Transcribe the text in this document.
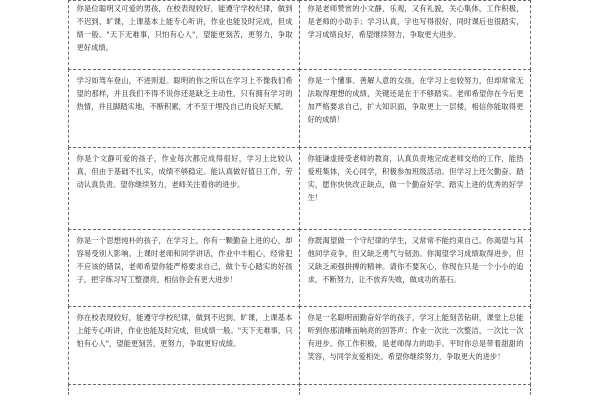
你是位聪明又可爱的男孩，在校表现较好，能遵守学校纪律，做到不迟到、旷课，上课基本上能专心听讲，作业也能及时完成，但成绩一般。"天下无难事，只怕有心人"，望能更刻苦，更努力，争取更好成绩。
你是老师赞赏的小文静、乐观，又有礼貌，关心集体，工作积极，是老师的小助手；学习认真，字也写得很好，同时课后也很踏实，学习成绩良好，希望继续努力，争取更大进步。
学习如驾车登山，不进则退。聪明的你之所以在学习上不像我们希望的那样，并且我们不得不说你还是缺乏主动性，只有拥有学习的热情，并且脚踏实地，不断积累，才不至于埋没自己的良好天赋。
你是一个懂事、善解人意的女孩，在学习上也较努力，但却常常无法取得理想的成绩，关键还是在于不够踏实。老师希望你在今后更加严格要求自己，扩大知识面，争取更上一层楼，相信你能取得更好的成绩！
你是个文静可爱的孩子，作业每次都完成得很好，学习上比较认真，但由于基础不扎实，成绩不够稳定。能认真做好值日工作，劳动认真负责。望你继续努力，老师关注着你的进步。
你能谦虚接受老师的教育，认真负责地完成老师交给的工作，能热爱班集体，关心同学，积极参加班级活动。但学习上还欠勤奋、踏实，愿你快快改正缺点，做一个勤奋好学、踏实上进的优秀的好学生！
你是一个思想纯朴的孩子，在学习上，你有一颗勤奋上进的心，却容易受别人影响。上课时老师和同学讲话，作业中丰粗心，经常犯不应该的错误，老师希望你能严格要求自己，做个专心踏实的好孩子，把字练习写工整漂亮，相信你会有更大进步！
你既渴望做一个守纪律的学生，又常常不能约束自己。你渴望与其他同学竞争，但又缺乏勇气与韧劲。你渴望学习成绩取得进步，但又缺乏顽强拼搏的精神。请你不要灰心，你现在只是一个小小的追求，不断努力，让不放弃失败，做成功的基石。
你在校表现较好，能遵守学校纪律，做到不迟到、旷课，上课基本上能专心听讲，作业也能及时完成，但成绩一般。"天下无难事，只怕有心人"，望能更刻苦，更努力，争取更好成绩。
你是一名聪明而勤奋好学的孩子，学习上能刻苦钻研，课堂上总能听到你那清晰而响亮的回答声；作业一次比一次整洁，一次比一次有进步。你工作积极，是老师得力的助手。平时你总是带着甜甜的笑容，与同学友爱相处。希望你继续努力，争取更大的进步！
